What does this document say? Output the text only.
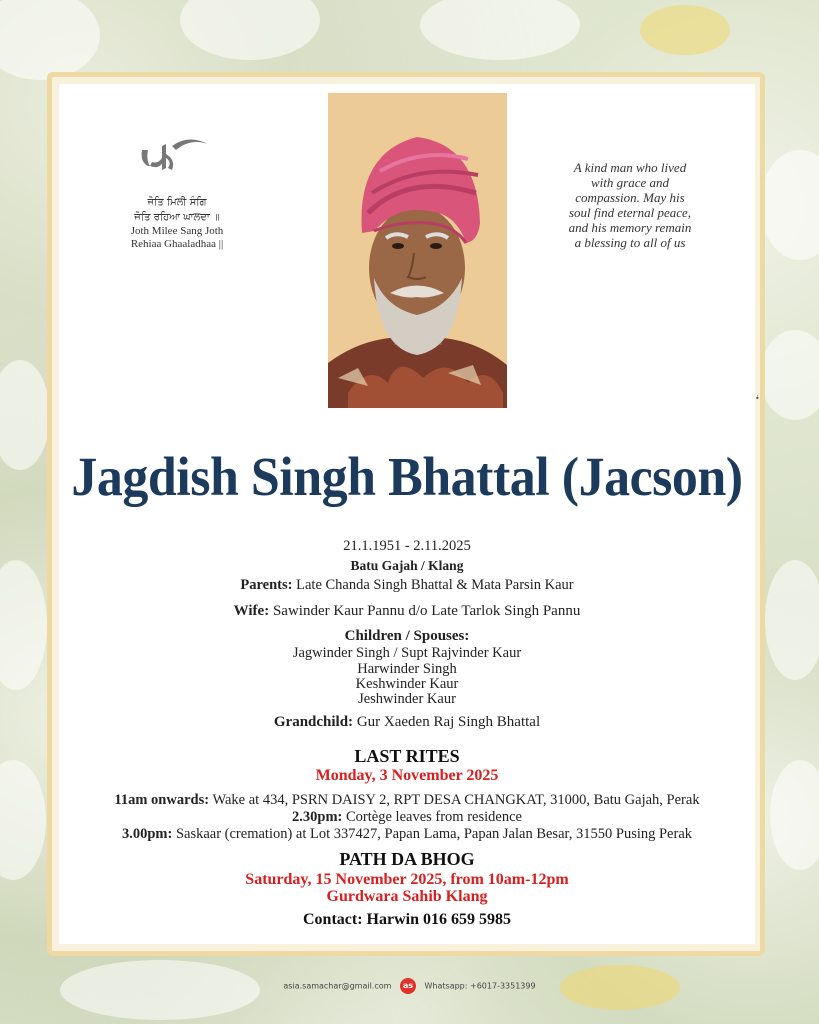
ਜੋਤਿ ਮਿਲੀ ਸੰਗਿ
ਜੋਤਿ ਰਹਿਆ ਘਾਲਦਾ ॥
Joth Milee Sang Joth
Rehiaa Ghaaladhaa ||
A kind man who lived with grace and compassion. May his soul find eternal peace, and his memory remain a blessing to all of us
•̇
Jagdish Singh Bhattal (Jacson)
21.1.1951 - 2.11.2025
Batu Gajah / Klang
Parents: Late Chanda Singh Bhattal & Mata Parsin Kaur
Wife: Sawinder Kaur Pannu d/o Late Tarlok Singh Pannu
Children / Spouses:
Jagwinder Singh / Supt Rajvinder Kaur
Harwinder Singh
Keshwinder Kaur
Jeshwinder Kaur
Grandchild: Gur Xaeden Raj Singh Bhattal
LAST RITES
Monday, 3 November 2025
11am onwards: Wake at 434, PSRN DAISY 2, RPT DESA CHANGKAT, 31000, Batu Gajah, Perak
2.30pm: Cortège leaves from residence
3.00pm: Saskaar (cremation) at Lot 337427, Papan Lama, Papan Jalan Besar, 31550 Pusing Perak
PATH DA BHOG
Saturday, 15 November 2025, from 10am-12pm
Gurdwara Sahib Klang
Contact: Harwin 016 659 5985
asia.samachar@gmail.com as Whatsapp: +6017-3351399
